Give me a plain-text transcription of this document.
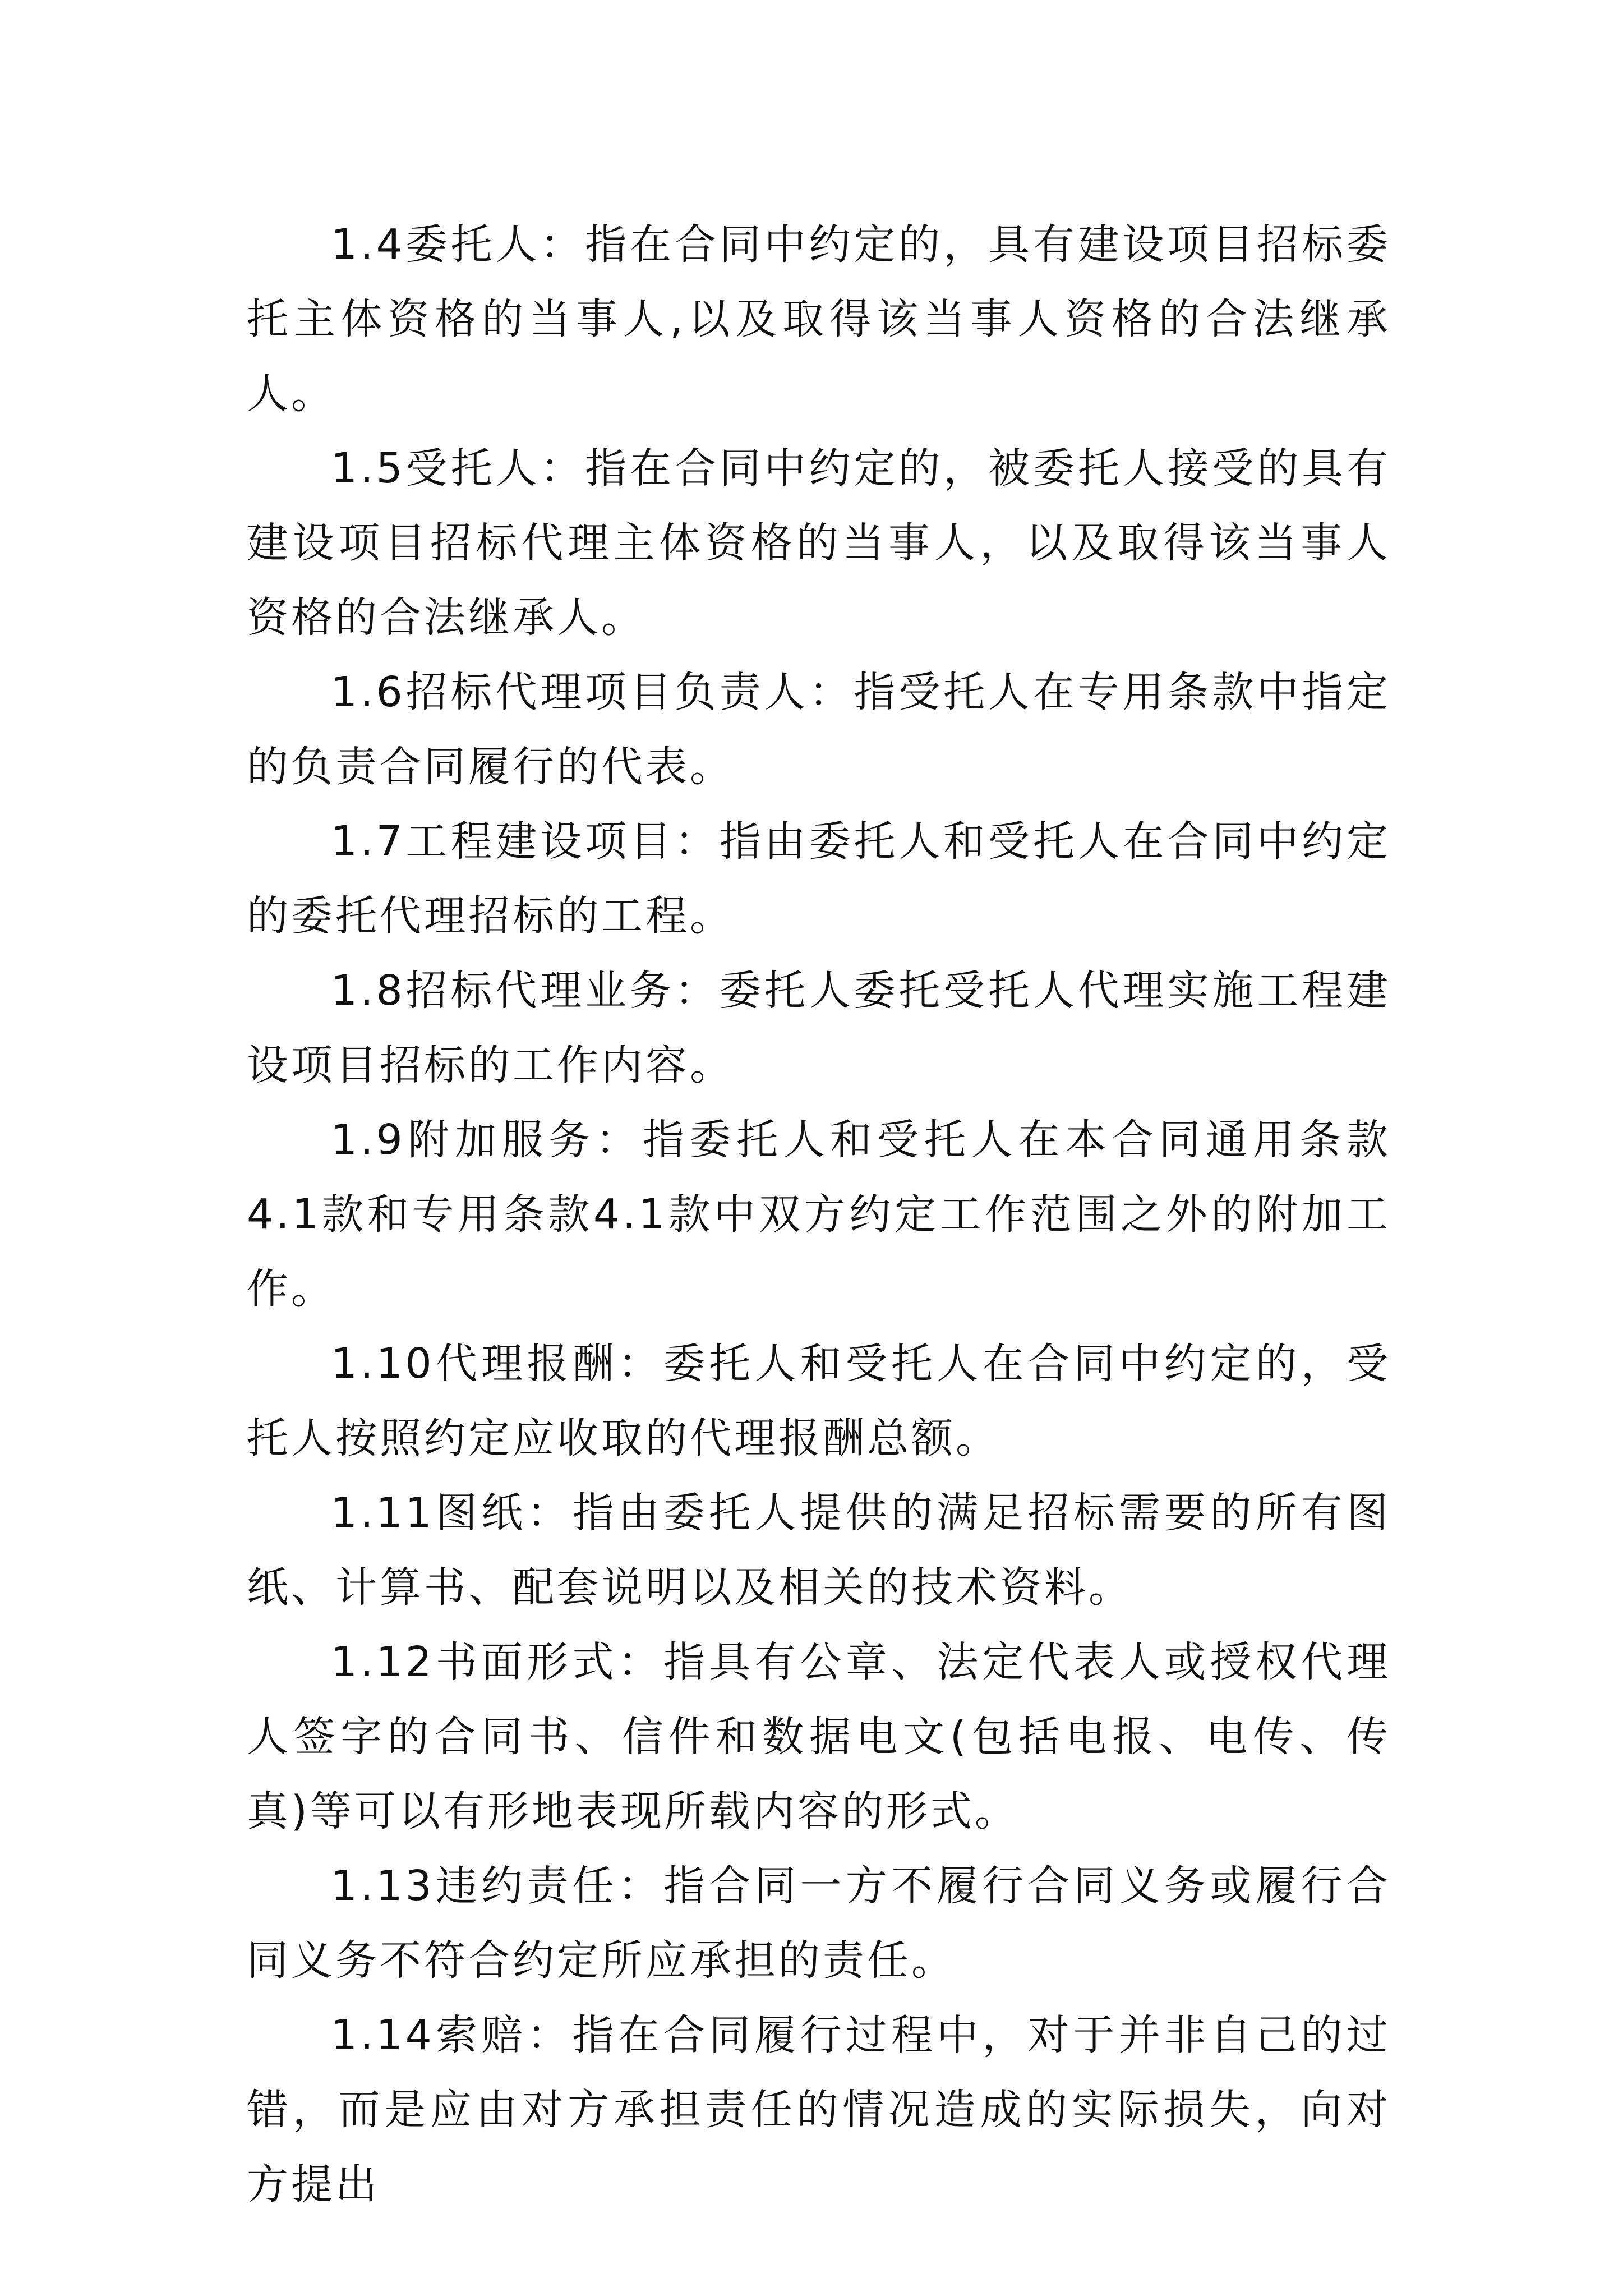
1.4委托人：指在合同中约定的，具有建设项目招标委托主体资格的当事人,以及取得该当事人资格的合法继承人。

1.5受托人：指在合同中约定的，被委托人接受的具有建设项目招标代理主体资格的当事人，以及取得该当事人资格的合法继承人。

1.6招标代理项目负责人：指受托人在专用条款中指定的负责合同履行的代表。

1.7工程建设项目：指由委托人和受托人在合同中约定的委托代理招标的工程。

1.8招标代理业务：委托人委托受托人代理实施工程建设项目招标的工作内容。

1.9附加服务：指委托人和受托人在本合同通用条款4.1款和专用条款4.1款中双方约定工作范围之外的附加工作。

1.10代理报酬：委托人和受托人在合同中约定的，受托人按照约定应收取的代理报酬总额。

1.11图纸：指由委托人提供的满足招标需要的所有图纸、计算书、配套说明以及相关的技术资料。

1.12书面形式：指具有公章、法定代表人或授权代理人签字的合同书、信件和数据电文(包括电报、电传、传真)等可以有形地表现所载内容的形式。

1.13违约责任：指合同一方不履行合同义务或履行合同义务不符合约定所应承担的责任。

1.14索赔：指在合同履行过程中，对于并非自己的过错，而是应由对方承担责任的情况造成的实际损失，向对方提出
